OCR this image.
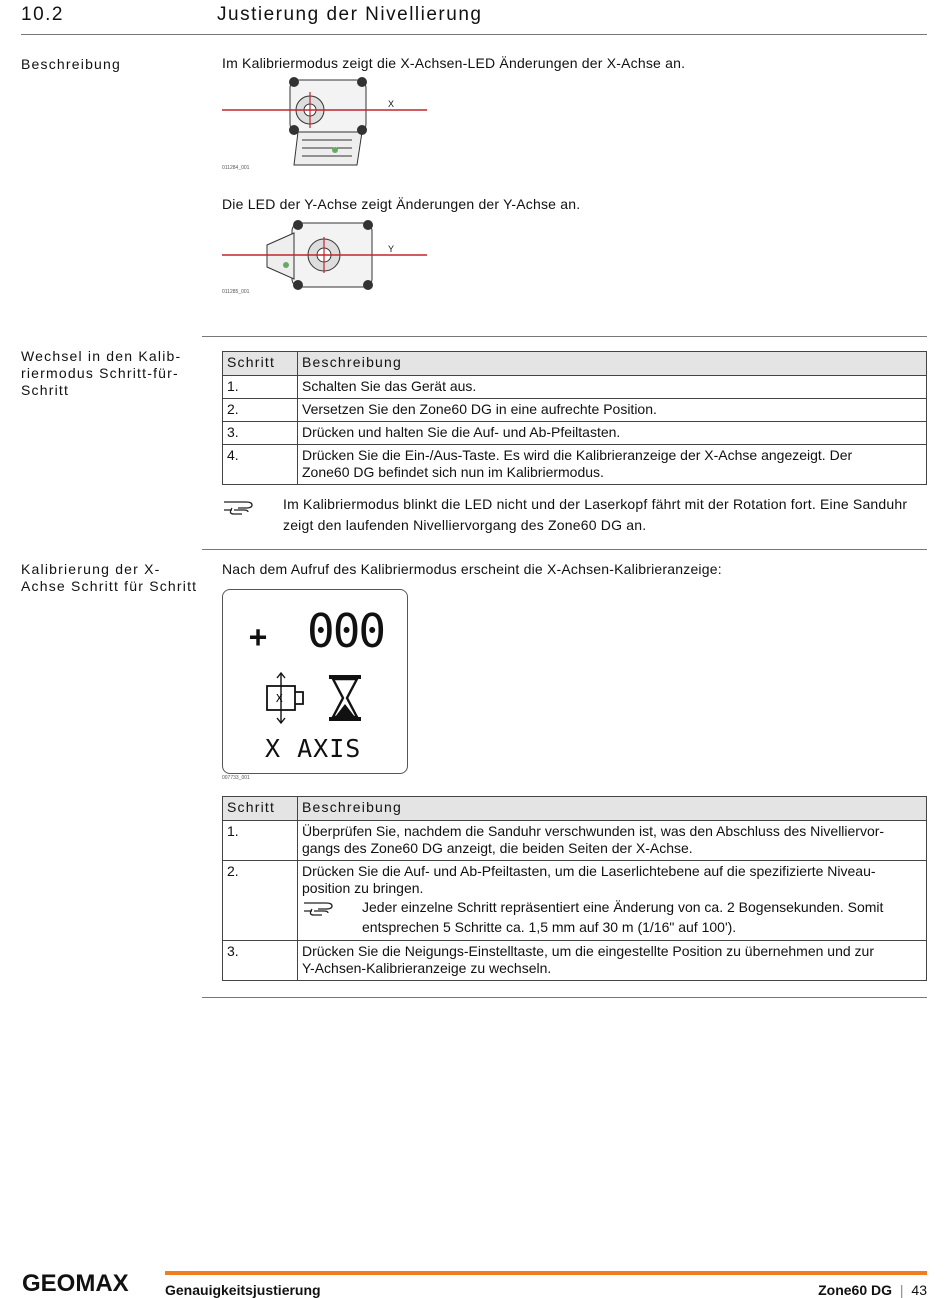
10.2	Justierung der Nivellierung
Beschreibung	Im Kalibriermodus zeigt die X-Achsen-LED Änderungen der X-Achse an.
X
011284_001
Die LED der Y-Achse zeigt Änderungen der Y-Achse an.
Y
011285_001
Wechsel in den Kalib-
riermodus Schritt-für-
Schritt
Schritt	Beschreibung
1.	Schalten Sie das Gerät aus.
2.	Versetzen Sie den Zone60 DG in eine aufrechte Position.
3.	Drücken und halten Sie die Auf- und Ab-Pfeiltasten.
4.	Drücken Sie die Ein-/Aus-Taste. Es wird die Kalibrieranzeige der X-Achse angezeigt. Der
Zone60 DG befindet sich nun im Kalibriermodus.
Im Kalibriermodus blinkt die LED nicht und der Laserkopf fährt mit der Rotation fort. Eine Sanduhr
zeigt den laufenden Nivelliervorgang des Zone60 DG an.
Kalibrierung der X-
Achse Schritt für Schritt
Nach dem Aufruf des Kalibriermodus erscheint die X-Achsen-Kalibrieranzeige:
+ 000
X
X AXIS
007733_001
Schritt	Beschreibung
1.	Überprüfen Sie, nachdem die Sanduhr verschwunden ist, was den Abschluss des Nivelliervor-
gangs des Zone60 DG anzeigt, die beiden Seiten der X-Achse.

2.	Drücken Sie die Auf- und Ab-Pfeiltasten, um die Laserlichtebene auf die spezifizierte Niveau-
position zu bringen.
Jeder einzelne Schritt repräsentiert eine Änderung von ca. 2 Bogensekunden. Somit
entsprechen 5 Schritte ca. 1,5 mm auf 30 m (1/16" auf 100').

3.	Drücken Sie die Neigungs-Einstelltaste, um die eingestellte Position zu übernehmen und zur
Y-Achsen-Kalibrieranzeige zu wechseln.
GEOMAX	Genauigkeitsjustierung	Zone60 DG | 43
